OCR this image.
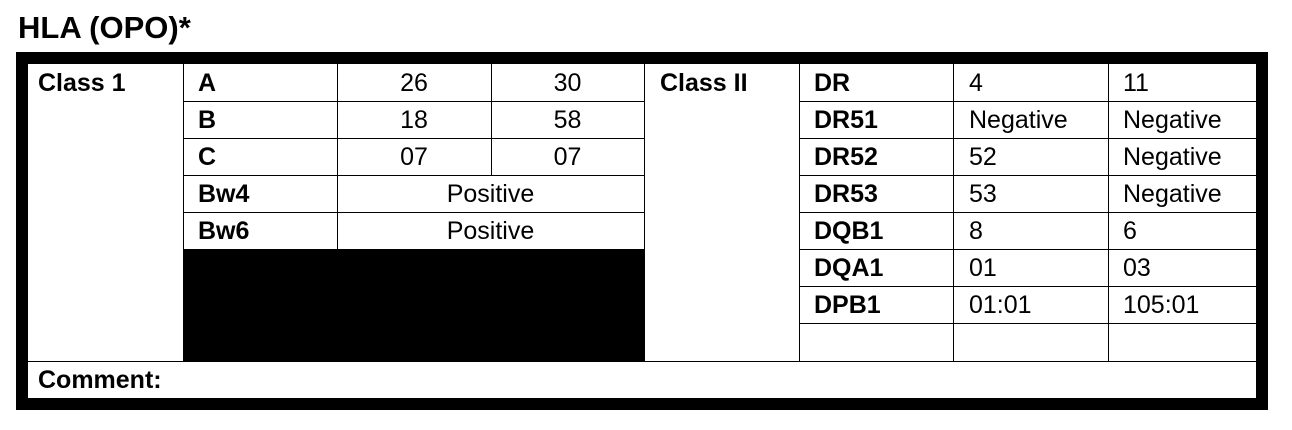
HLA (OPO)*
Class 1	A	26	30
B	18	58
C	07	07
Bw4	Positive
Bw6	Positive
Class II	DR	4	11
DR51	Negative Negative
DR52	52	Negative
DR53	53	Negative
DQB1	8	6
DQA1	01	03
DPB1	01:01	105:01
Comment:
